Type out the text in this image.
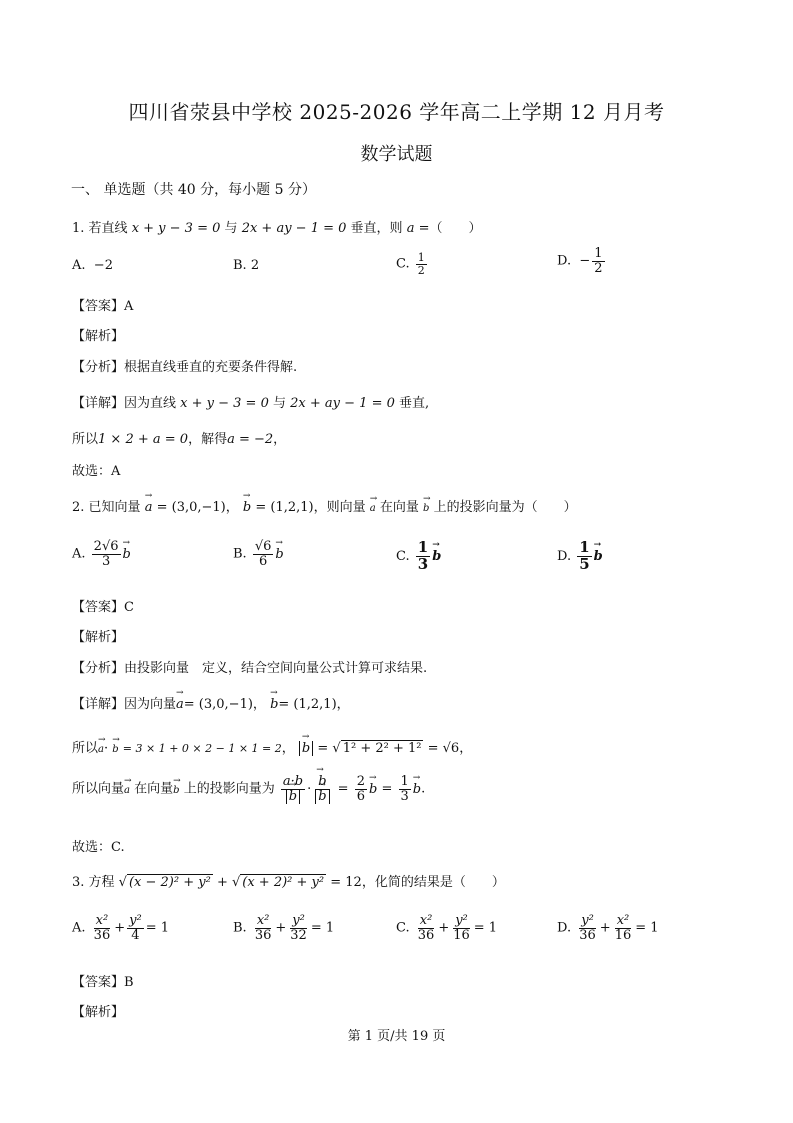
四川省荥县中学校 2025-2026 学年高二上学期 12 月月考
数学试题
一、 单选题（共 40 分，每小题 5 分）
1. 若直线 x + y − 3 = 0 与 2x + ay − 1 = 0 垂直，则 a =（　　）
A. −2	B. 2	C. $\frac{1}{2}$	D. − $\frac{1}{2}$
【答案】A
【解析】
【分析】根据直线垂直的充要条件得解.
【详解】因为直线 x + y − 3 = 0 与 2x + ay − 1 = 0 垂直,
所以1 × 2 + a = 0，解得a = −2，
故选：A
2. 已知向量 → a = (3,0,−1)， → b = (1,2,1)，则向量 → a 在向量 → b 上的投影向量为（　　）
A. $\frac{2√6}{3}$
→ b	B. $\frac{√6}{6}$
→ b	C. $\frac{1}{3}$
→ b	D. $\frac{1}{5}$
→ b
【答案】C
【解析】
【分析】由投影向量　定义，结合空间向量公式计算可求结果.
【详解】因为向量→ a= (3,0,−1)， → b= (1,2,1)，
所以→ a· → b = 3 × 1 + 0 × 2 − 1 × 1 = 2， → b = √ 1² + 2² + 1² = √6，
所以向量→ a 在向量→ b 上的投影向量为 a·b
→ b ·
→ b
→ $b = \frac{2}{6}$
→ $b = \frac{1}{3}$
→ b.
故选：C.
3. 方程 √ (x − 2)² + y² + √ (x + 2)² + y² = 12，化简的结果是（　　）
A. $\frac{\text{x²}}{36} + \frac{\text{y²}}{4} = 1$	B. $\frac{\text{x²}}{36} + \frac{\text{y²}}{32} = 1$	C. $\frac{\text{x²}}{36} + \frac{\text{y²}}{16} = 1$	D. $\frac{\text{y²}}{36} + \frac{\text{x²}}{16} = 1$
【答案】B
【解析】
第 1 页/共 19 页
